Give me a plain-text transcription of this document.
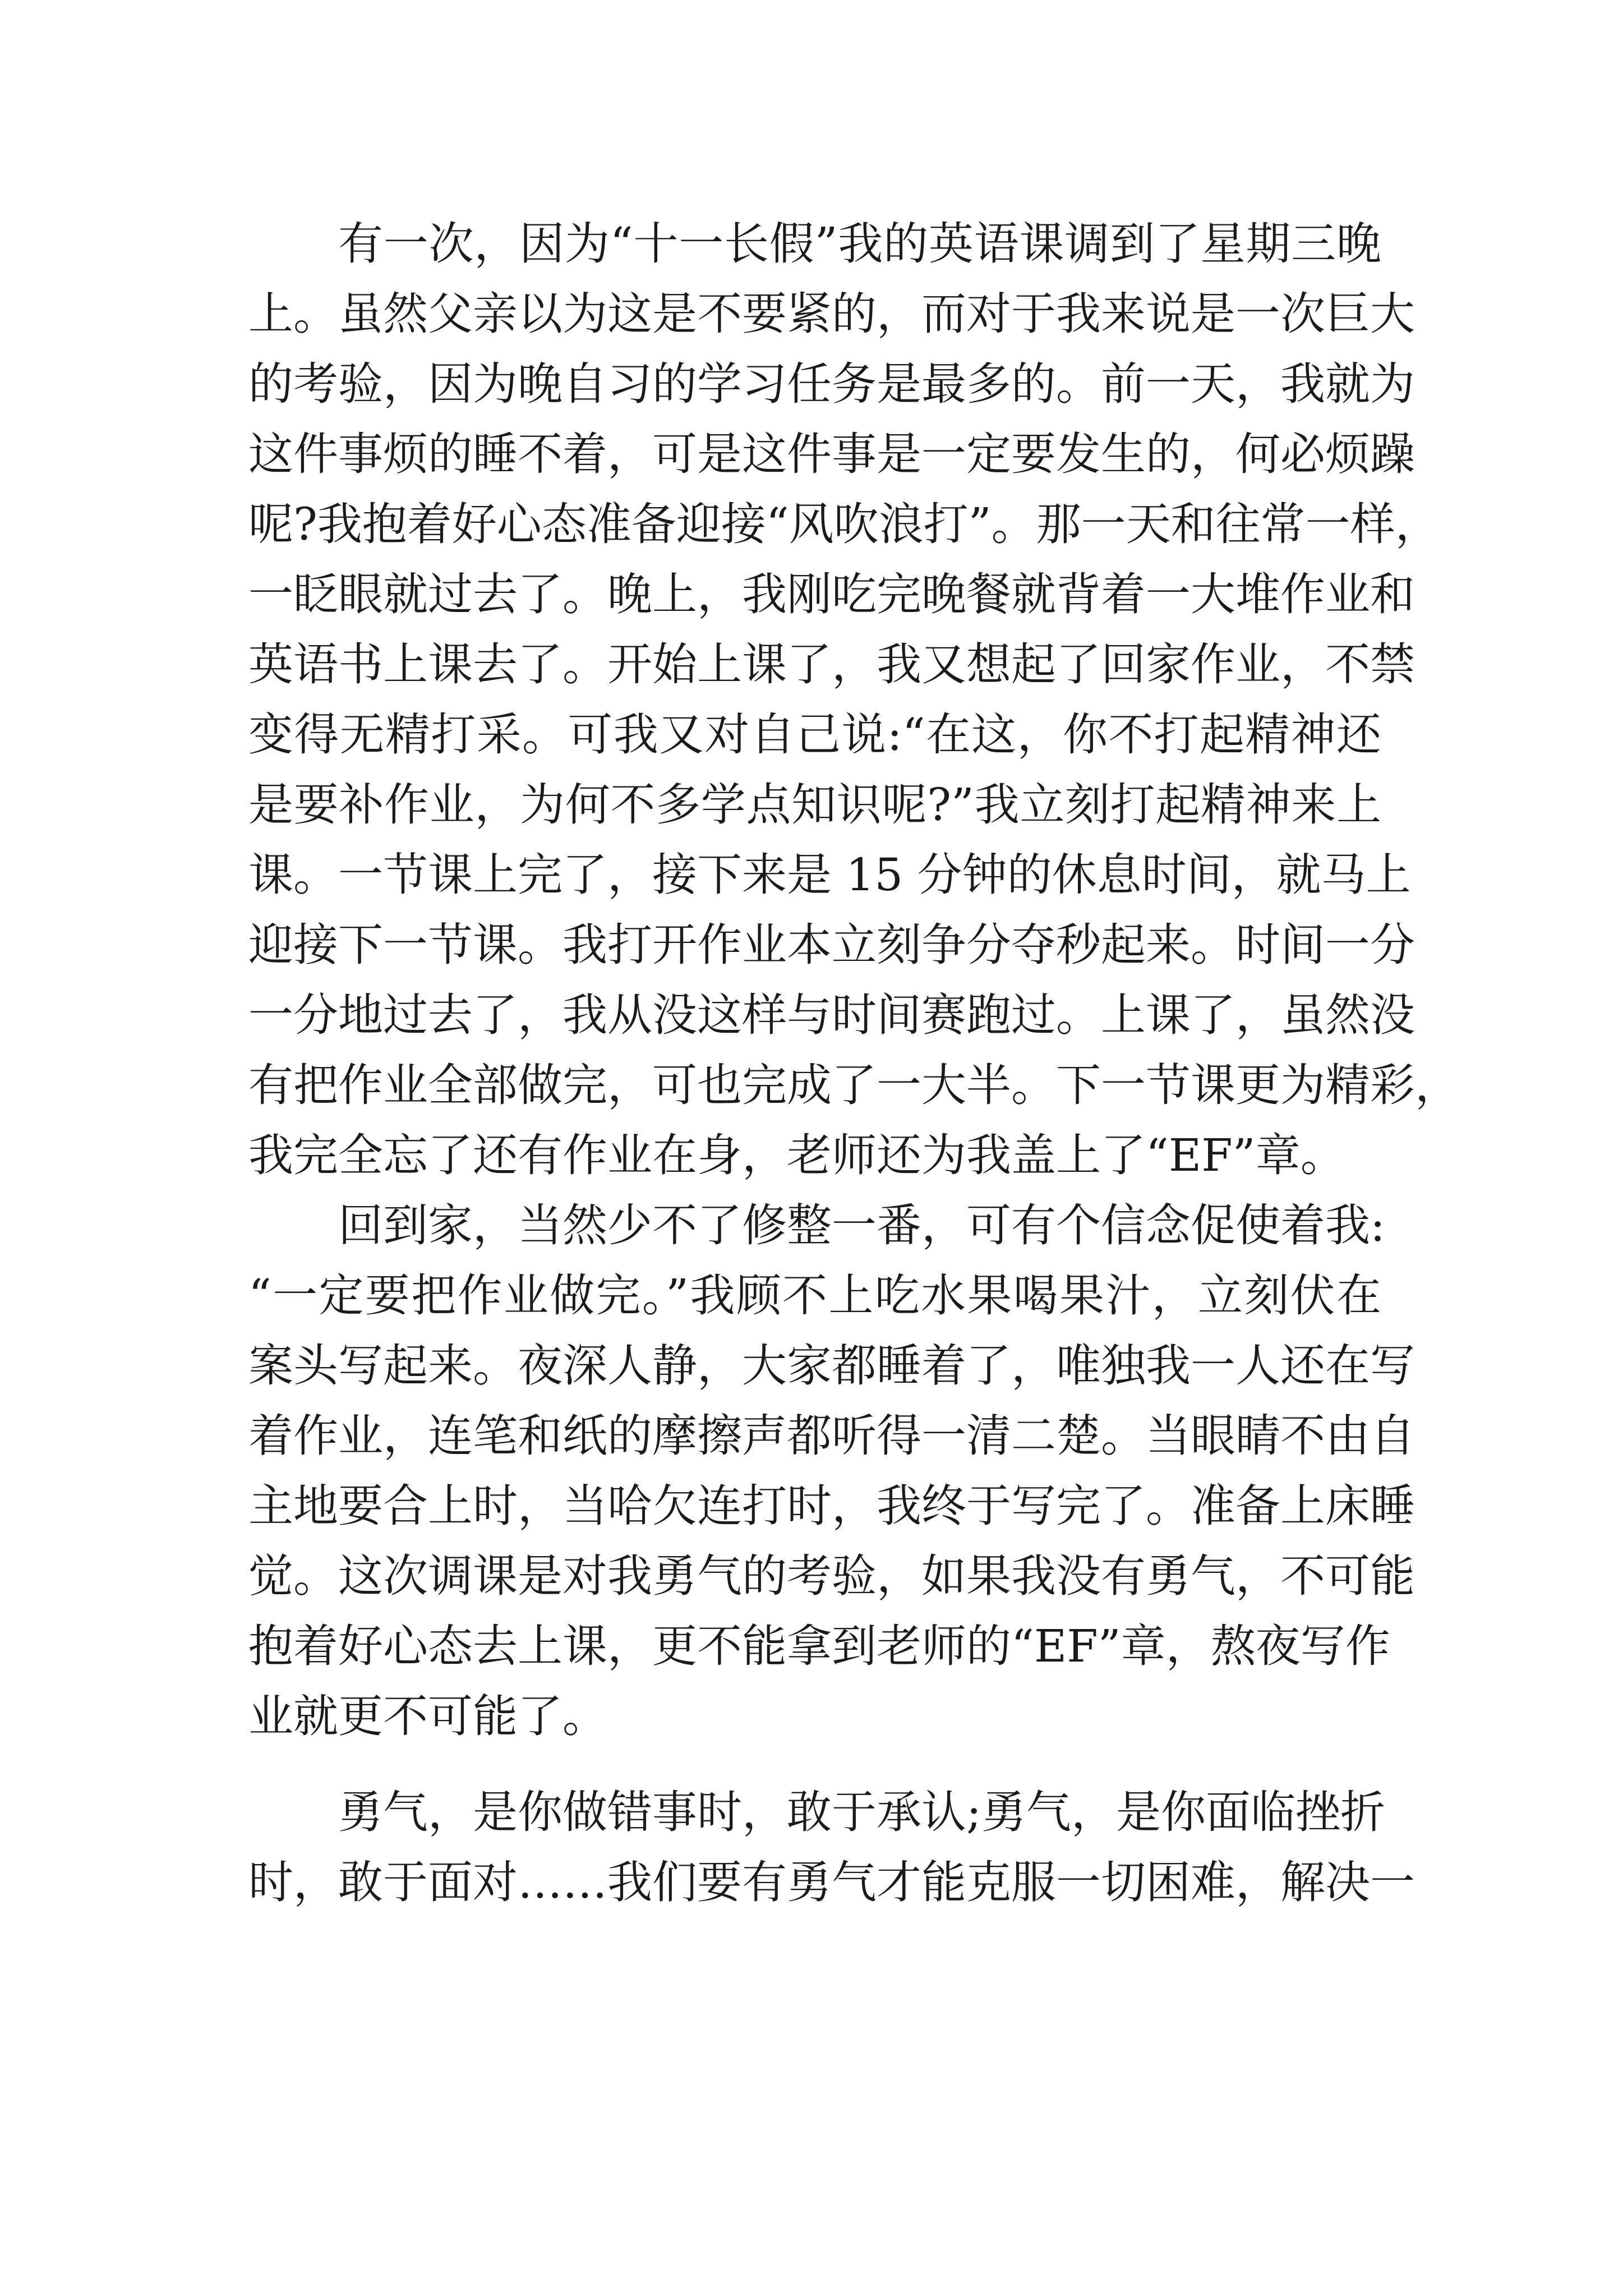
有一次，因为“十一长假”我的英语课调到了星期三晚
上。虽然父亲以为这是不要紧的，而对于我来说是一次巨大
的考验，因为晚自习的学习任务是最多的。前一天，我就为
这件事烦的睡不着，可是这件事是一定要发生的，何必烦躁
呢?我抱着好心态准备迎接“风吹浪打”。那一天和往常一样，
一眨眼就过去了。晚上，我刚吃完晚餐就背着一大堆作业和
英语书上课去了。开始上课了，我又想起了回家作业，不禁
变得无精打采。可我又对自己说:“在这，你不打起精神还
是要补作业，为何不多学点知识呢?”我立刻打起精神来上
课。一节课上完了，接下来是 15 分钟的休息时间，就马上
迎接下一节课。我打开作业本立刻争分夺秒起来。时间一分
一分地过去了，我从没这样与时间赛跑过。上课了，虽然没
有把作业全部做完，可也完成了一大半。下一节课更为精彩，
我完全忘了还有作业在身，老师还为我盖上了“EF”章。
回到家，当然少不了修整一番，可有个信念促使着我:
“一定要把作业做完。”我顾不上吃水果喝果汁，立刻伏在
案头写起来。夜深人静，大家都睡着了，唯独我一人还在写
着作业，连笔和纸的摩擦声都听得一清二楚。当眼睛不由自
主地要合上时，当哈欠连打时，我终于写完了。准备上床睡
觉。这次调课是对我勇气的考验，如果我没有勇气，不可能
抱着好心态去上课，更不能拿到老师的“EF”章，熬夜写作
业就更不可能了。
勇气，是你做错事时，敢于承认;勇气，是你面临挫折
时，敢于面对……我们要有勇气才能克服一切困难，解决一
